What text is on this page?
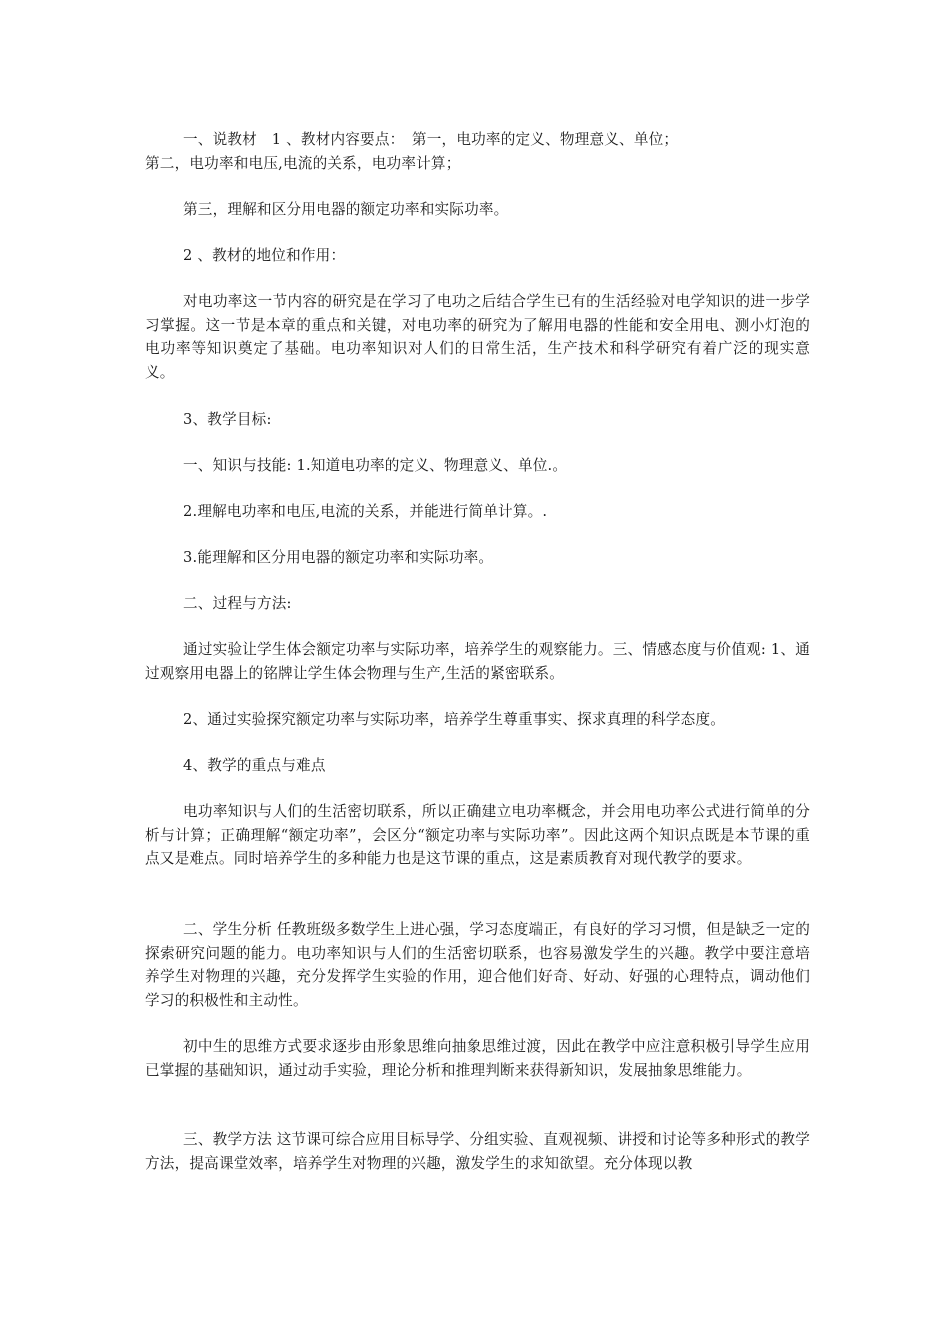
一、说教材　1 、教材内容要点：　第一，电功率的定义、物理意义、单位；

第二，电功率和电压,电流的关系，电功率计算；

第三，理解和区分用电器的额定功率和实际功率。

2 、教材的地位和作用：

对电功率这一节内容的研究是在学习了电功之后结合学生已有的生活经验对电学知识的进一步学习掌握。这一节是本章的重点和关键，对电功率的研究为了解用电器的性能和安全用电、测小灯泡的电功率等知识奠定了基础。电功率知识对人们的日常生活，生产技术和科学研究有着广泛的现实意义。

3、教学目标:

一、知识与技能: 1.知道电功率的定义、物理意义、单位.。

2.理解电功率和电压,电流的关系，并能进行简单计算。.

3.能理解和区分用电器的额定功率和实际功率。

二、过程与方法:

通过实验让学生体会额定功率与实际功率，培养学生的观察能力。三、情感态度与价值观: 1、通过观察用电器上的铭牌让学生体会物理与生产,生活的紧密联系。

2、通过实验探究额定功率与实际功率，培养学生尊重事实、探求真理的科学态度。

4、教学的重点与难点

电功率知识与人们的生活密切联系，所以正确建立电功率概念，并会用电功率公式进行简单的分析与计算；正确理解“额定功率”，会区分“额定功率与实际功率”。因此这两个知识点既是本节课的重点又是难点。同时培养学生的多种能力也是这节课的重点，这是素质教育对现代教学的要求。

二、学生分析 任教班级多数学生上进心强，学习态度端正，有良好的学习习惯，但是缺乏一定的探索研究问题的能力。电功率知识与人们的生活密切联系，也容易激发学生的兴趣。教学中要注意培养学生对物理的兴趣，充分发挥学生实验的作用，迎合他们好奇、好动、好强的心理特点，调动他们学习的积极性和主动性。

初中生的思维方式要求逐步由形象思维向抽象思维过渡，因此在教学中应注意积极引导学生应用已掌握的基础知识，通过动手实验，理论分析和推理判断来获得新知识，发展抽象思维能力。

三、教学方法 这节课可综合应用目标导学、分组实验、直观视频、讲授和讨论等多种形式的教学方法，提高课堂效率，培养学生对物理的兴趣，激发学生的求知欲望。充分体现以教
